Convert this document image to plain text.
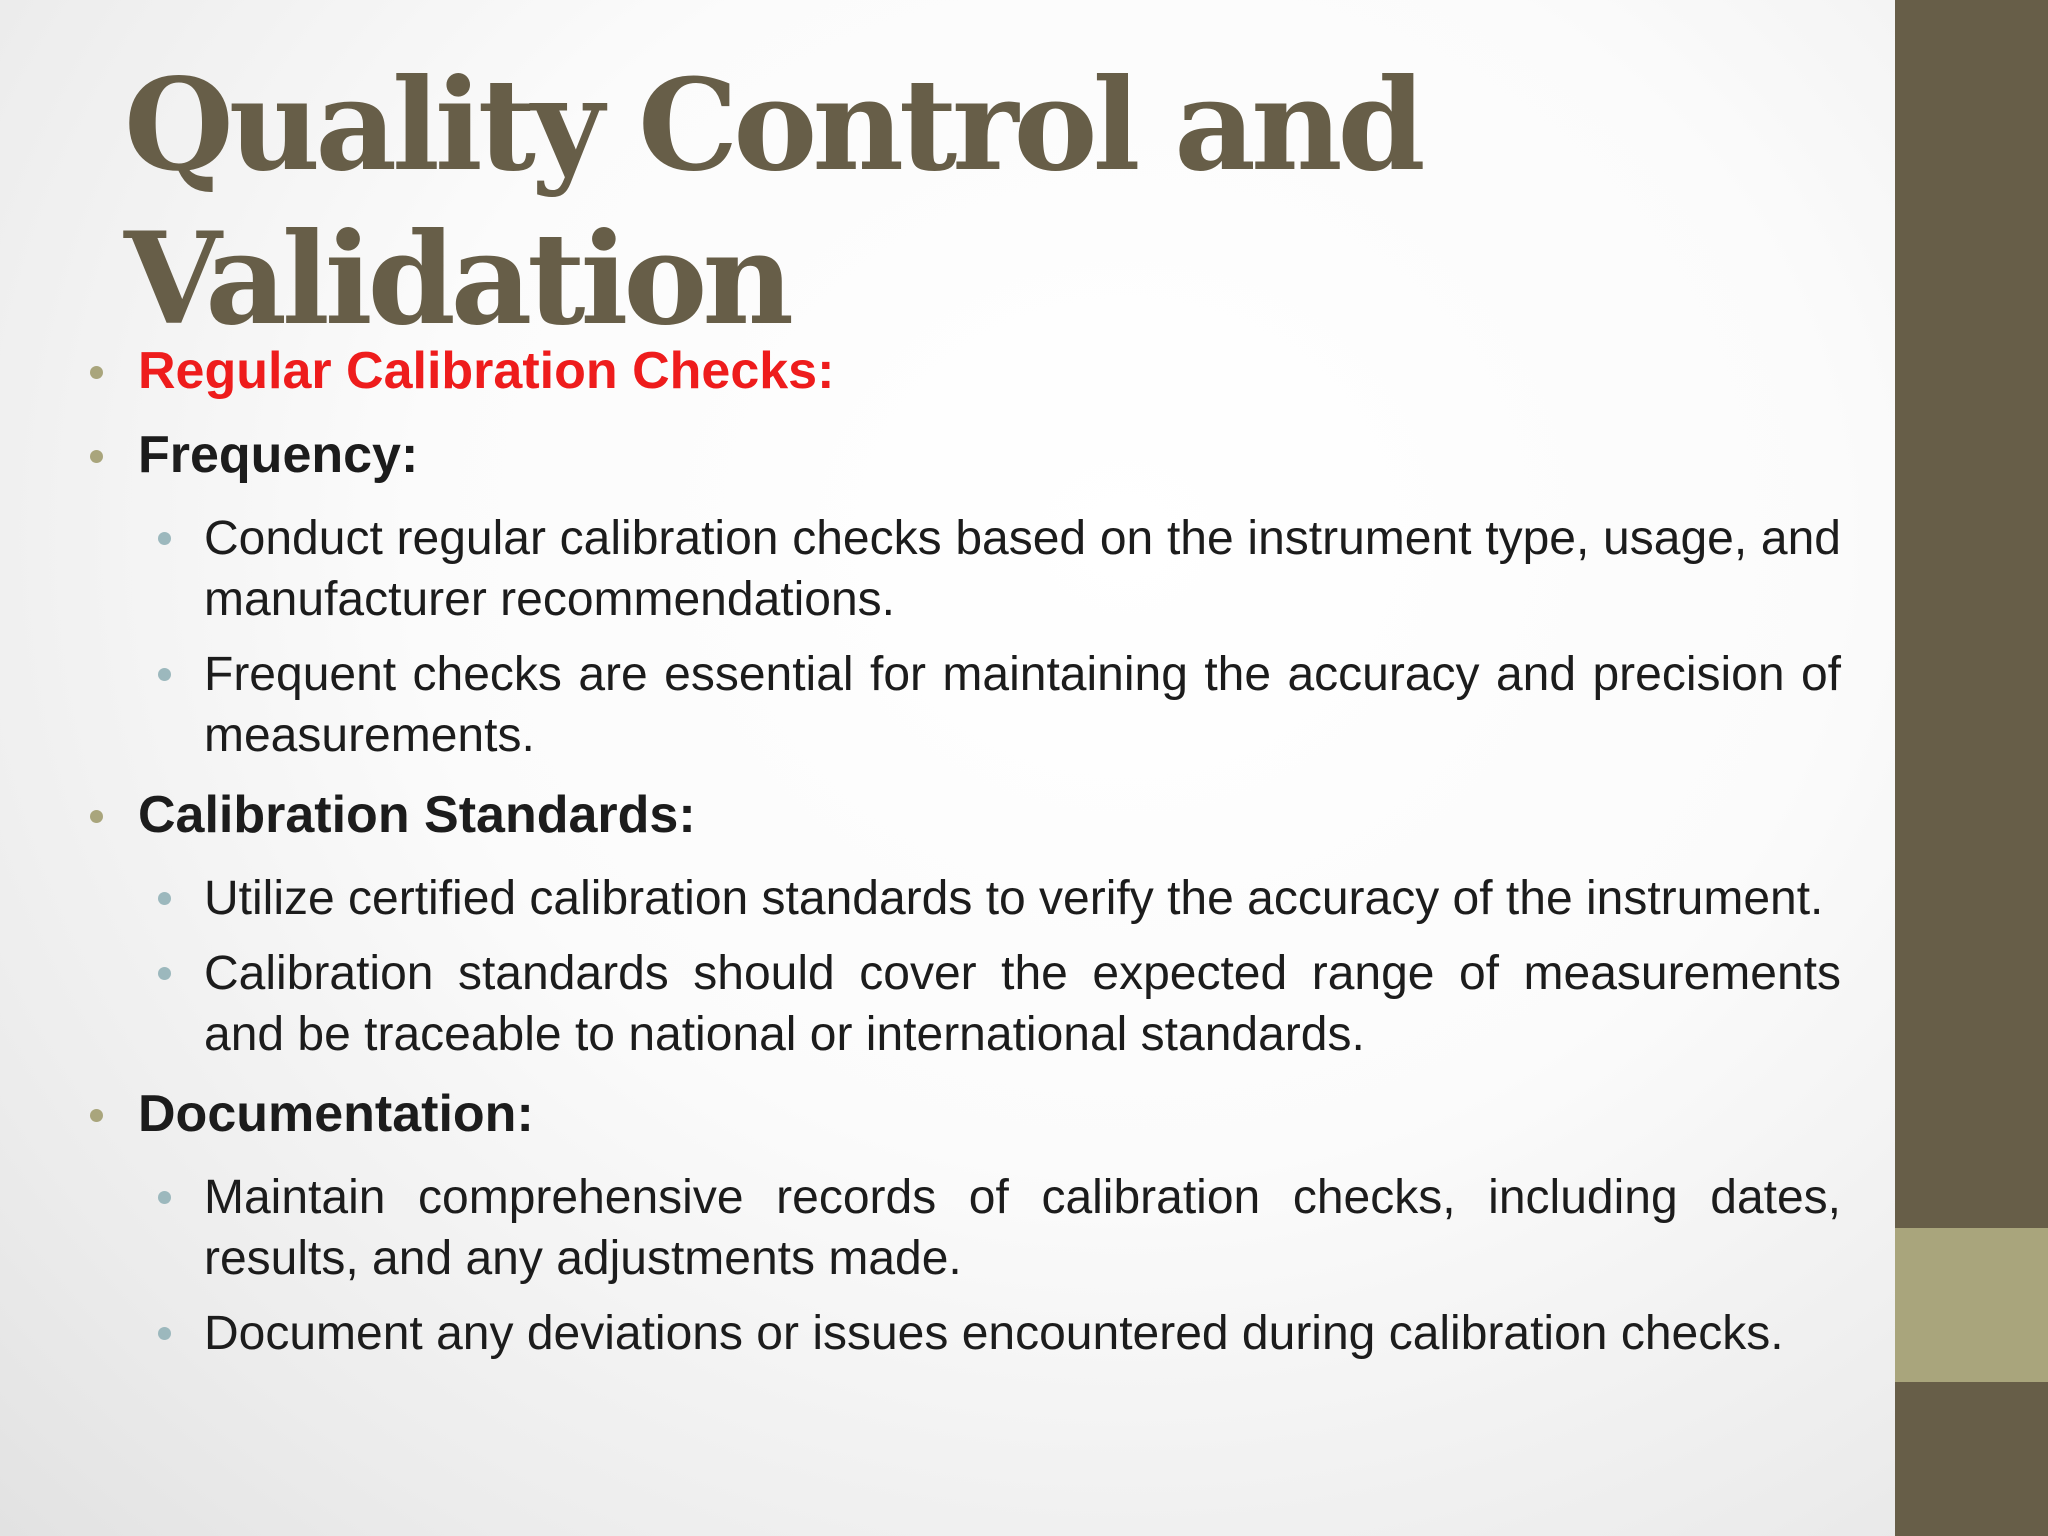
Quality Control and
Validation
Regular Calibration Checks:
Frequency:
Conduct regular calibration checks based on the instrument type, usage, and manufacturer recommendations.
Frequent checks are essential for maintaining the accuracy and precision of measurements.
Calibration Standards:
Utilize certified calibration standards to verify the accuracy of the instrument.
Calibration standards should cover the expected range of measurements and be traceable to national or international standards.
Documentation:
Maintain comprehensive records of calibration checks, including dates, results, and any adjustments made.
Document any deviations or issues encountered during calibration checks.
